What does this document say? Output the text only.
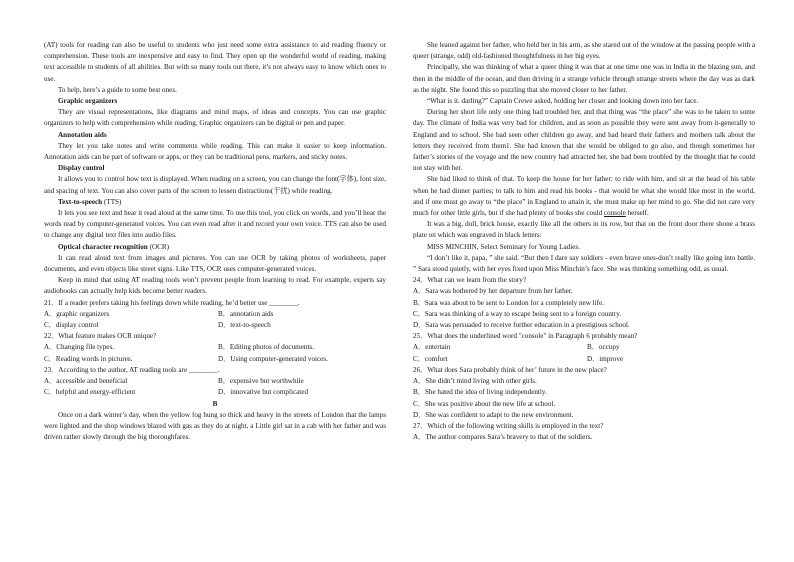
(AT) tools for reading can also be useful to students who just need some extra assistance to aid reading fluency or comprehension. These tools are inexpensive and easy to find. They open up the wonderful world of reading, making text accessible to students of all abilities. But with so many tools out there, it’s not always easy to know which ones to use.

To help, here’s a guide to some best ones.

Graphic organizers

They are visual representations, like diagrams and mind maps, of ideas and concepts. You can use graphic organizers to help with comprehension while reading. Graphic organizers can be digital or pen and paper.

Annotation aids

They let you take notes and write comments while reading. This can make it easier to keep information. Annotation aids can be part of software or apps, or they can be traditional pens, markers, and sticky notes.

Display control

It allows you to control how text is displayed. When reading on a screen, you can change the font(字体), font size, and spacing of text. You can also cover parts of the screen to lessen distractions(干扰) while reading.

Text-to-speech (TTS)

It lets you see text and hear it read aloud at the same time. To use this tool, you click on words, and you’ll hear the words read by computer-generated voices. You can even read after it and record your own voice. TTS can also be used to change any digital text files into audio files.

Optical character recognition (OCR)

It can read aloud text from images and pictures. You can use OCR by taking photos of worksheets, paper documents, and even objects like street signs. Like TTS, OCR uses computer-generated voices.

Keep in mind that using AT reading tools won’t prevent people from learning to read. For example, experts say audiobooks can actually help kids become better readers.

21．If a reader prefers taking his feelings down while reading, he’d better use ________.

A．graphic organizers	B．annotation aids
C．display control	D．text-to-speech

22．What feature makes OCR unique?

A．Changing file types.	B．Editing photos of documents.
C．Reading words in pictures.	D．Using computer-generated voices.

23．According to the author, AT reading tools are ________.

A．accessible and beneficial	B．expensive but worthwhile
C．helpful and energy-efficient	D．innovative but complicated

B

Once on a dark winter’s day, when the yellow fog hung so thick and heavy in the streets of London that the lamps were lighted and the shop windows blazed with gas as they do at night, a Little girl sat in a cab with her father and was driven rather slowly through the big thoroughfares.

She leaned against her father, who held her in his arm, as she stared out of the window at the passing people with a queer (strange, odd) old-fashioned thoughtfulness in her big eyes.

Principally, she was thinking of what a queer thing it was that at one time one was in India in the blazing sun, and then in the middle of the ocean, and then driving in a strange vehicle through strange streets where the day was as dark as the night. She found this so puzzling that she moved closer to her father.

“What is it. darling?” Captain Crewe asked, holding her closer and looking down into her face.

During her short life only one thing had troubled her, and that thing was “the place” she was to be taken to some day. The climate of India was very bad for children, and as soon as possible they were sent away from it-generally to England and to school. She bad seen other children go away, and had heard their fathers and mothers talk about the letters they received from them1. She had known that she would be obliged to go also, and though sometimes her father’s stories of the voyage and the new country had attracted her, she had been troubled by the thought that he could not stay with her.

She had liked to think of that. To keep the house for her father; to ride with him, and sit at the head of his table when he had dinner parties; to talk to him and read his books - that would be what she would like most in the world, and if one must go away to “the place” in England to attain it, she must make up her mind to go. She did not care very much for other little girls, but if she had plenty of books she could console herself.

It was a big, dull, brick house, exactly like all the others in its row, but that on the front door there shone a brass plate on which was engraved in black letters:

MISS MINCHIN, Select Seminary for Young Ladies.

“I don’t like it, papa, ” she said. “But then I dare say soldiers - even brave ones-don’t really like going into battle. ” Sara stood quietly, with her eyes fixed upon Miss Minchin’s face. She was thinking something odd, as usual.

24．What can we learn from the story?

A．Sara was bothered by her departure from her father.

B．Sara was about to be sent to London for a completely new life.

C．Sara was thinking of a way to escape being sent to a foreign country.

D．Sara was persuaded to receive further education in a prestigious school.

25．What does the underlined word "console" in Paragraph 6 probably mean?

A．entertain	B．occupy
C．comfort	D．improve

26．What does Sara probably think of her’ future in the new place?

A．She didn’t mind living with other girls.

B．She hated the idea of living independently.

C．She was positive about the new life at school.

D．She was confident to adapt to the new environment.

27．Which of the following writing skills is employed in the text?

A．The author compares Sara’s bravery to that of the soldiers.
